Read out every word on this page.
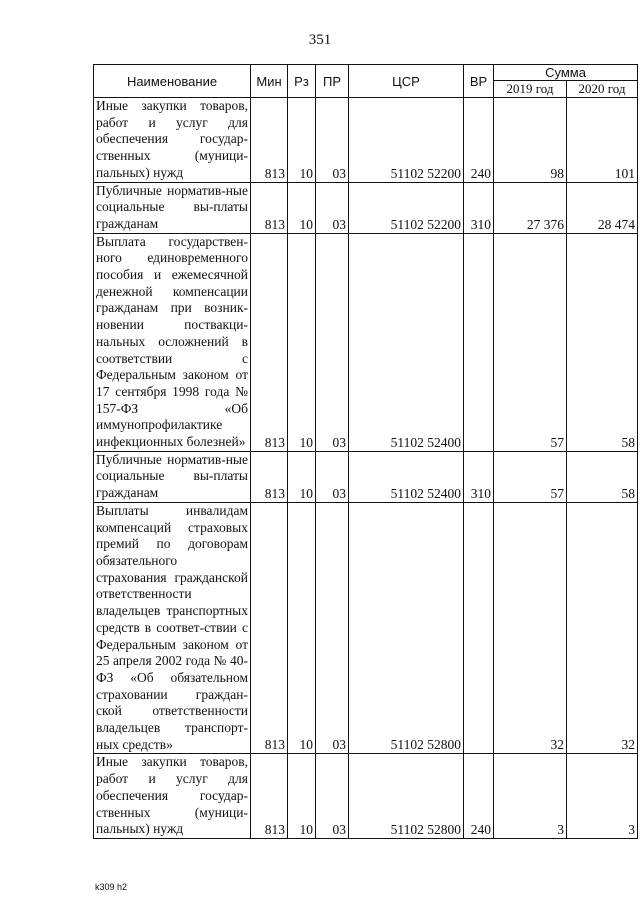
351
Наименование	Мин	Рз	ПР	ЦСР	ВР	Сумма	
						2019 год	2020 год
Иные закупки товаров, работ и услуг для обеспечения государ-ственных (муници-пальных) нужд	813	10	03	51102 52200	240	98	101
Публичные норматив-ные социальные вы-платы гражданам	813	10	03	51102 52200	310	27 376	28 474
Выплата государствен-ного единовременного пособия и ежемесячной денежной компенсации гражданам при возник-новении поствакци-нальных осложнений в соответствии с Федеральным законом от 17 сентября 1998 года № 157-ФЗ «Об иммунопрофилактике инфекционных болезней»	813	10	03	51102 52400		57	58
Публичные норматив-ные социальные вы-платы гражданам	813	10	03	51102 52400	310	57	58
Выплаты инвалидам компенсаций страховых премий по договорам обязательного страхования гражданской ответственности владельцев транспортных средств в соответ-ствии с Федеральным законом от 25 апреля 2002 года № 40-ФЗ «Об обязательном страховании граждан-ской ответственности владельцев транспорт-ных средств»	813	10	03	51102 52800		32	32
Иные закупки товаров, работ и услуг для обеспечения государ-ственных (муници-пальных) нужд	813	10	03	51102 52800	240	3	3
k309 h2
